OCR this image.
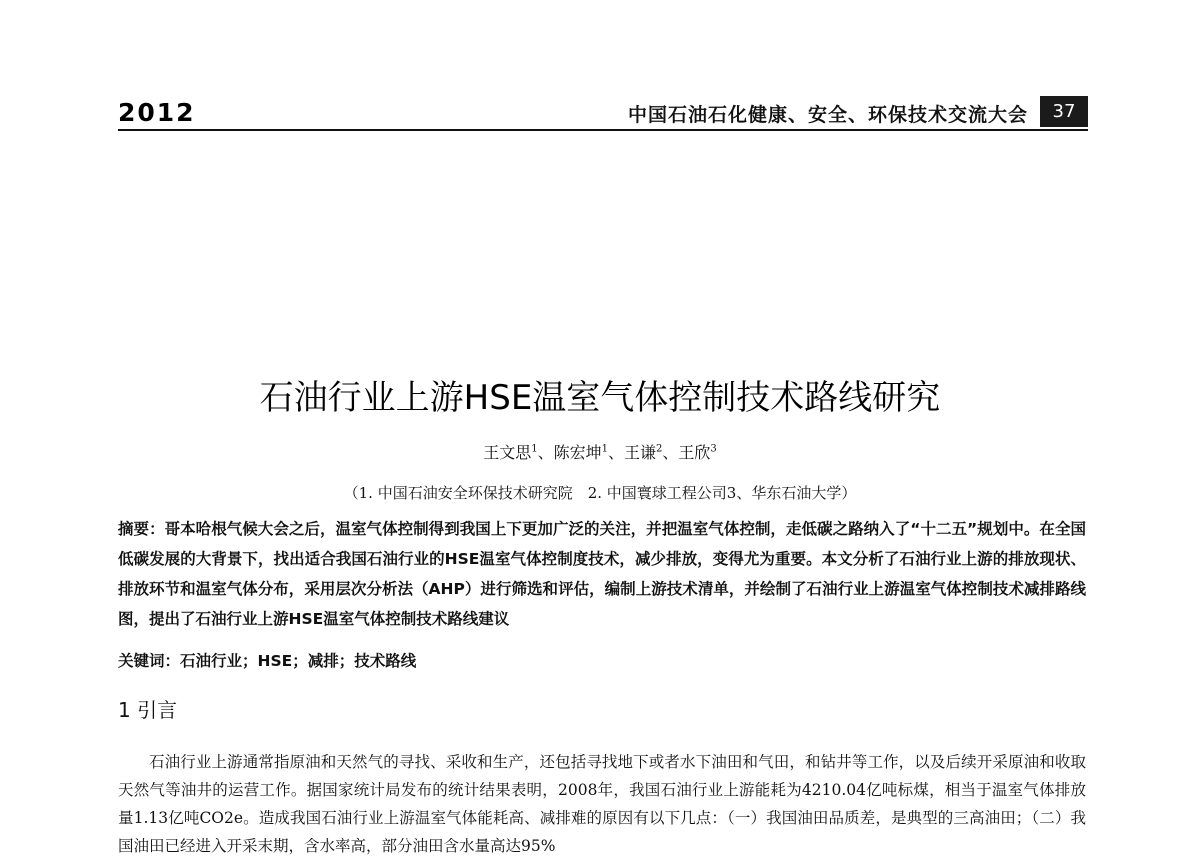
2012	中国石油石化健康、安全、环保技术交流大会	37
石油行业上游HSE温室气体控制技术路线研究
王文思$^1$、陈宏坤$^1$、王谦$^2$、王欣$^3$
（1. 中国石油安全环保技术研究院　2. 中国寰球工程公司3、华东石油大学）

摘要：哥本哈根气候大会之后，温室气体控制得到我国上下更加广泛的关注，并把温室气体控制，走低碳之路纳入了“十二五”规划中。在全国低碳发展的大背景下，找出适合我国石油行业的HSE温室气体控制度技术，减少排放，变得尤为重要。本文分析了石油行业上游的排放现状、排放环节和温室气体分布，采用层次分析法（AHP）进行筛选和评估，编制上游技术清单，并绘制了石油行业上游温室气体控制技术减排路线图，提出了石油行业上游HSE温室气体控制技术路线建议

关键词：石油行业；HSE；减排；技术路线
1 引言

石油行业上游通常指原油和天然气的寻找、采收和生产，还包括寻找地下或者水下油田和气田，和钻井等工作，以及后续开采原油和收取天然气等油井的运营工作。据国家统计局发布的统计结果表明，2008年，我国石油行业上游能耗为4210.04亿吨标煤，相当于温室气体排放量1.13亿吨CO2e。造成我国石油行业上游温室气体能耗高、减排难的原因有以下几点：（一）我国油田品质差，是典型的三高油田；（二）我国油田已经进入开采末期，含水率高，部分油田含水量高达95%
